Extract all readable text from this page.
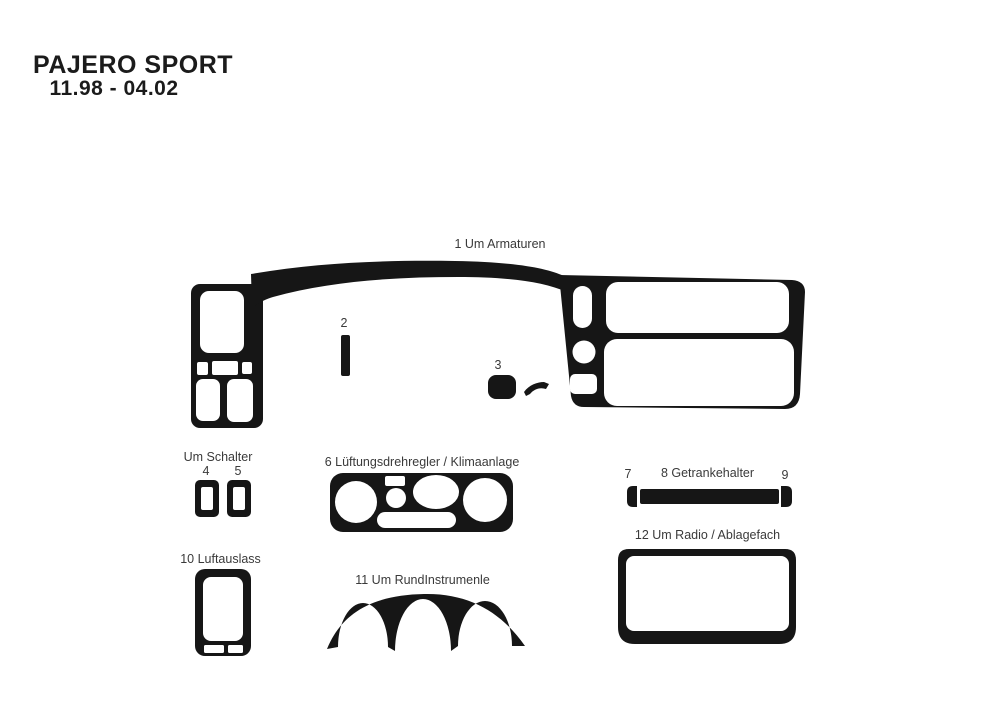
PAJERO SPORT
11.98 - 04.02
1 Um Armaturen
2
3
Um Schalter
4	5
6 Lüftungsdrehregler / Klimaanlage
7	8 Getrankehalter	9
10 Luftauslass
11 Um RundInstrumenle
12 Um Radio / Ablagefach
